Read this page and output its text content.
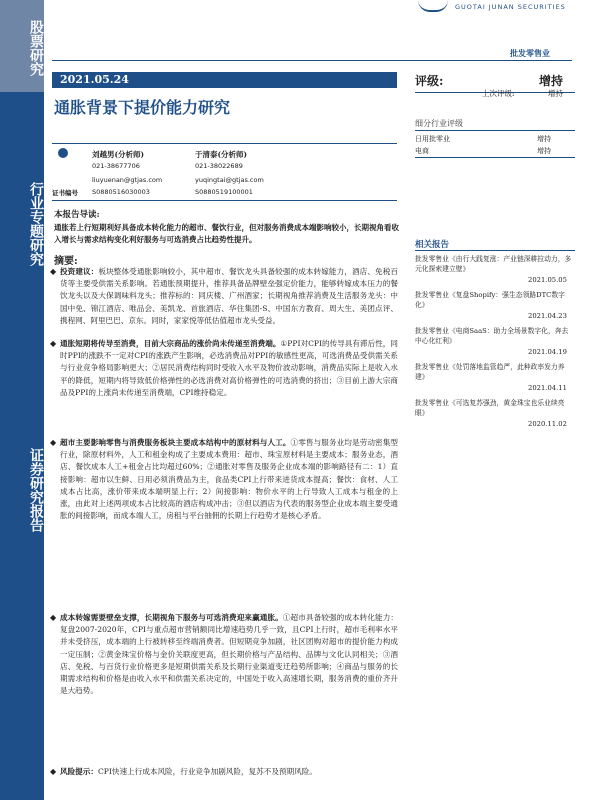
股票研究
行业专题研究
证券研究报告
GUOTAI JUNAN SECURITIES
批发零售业
2021.05.24
通胀背景下提价能力研究
评级:	增持
上次评级:	增持
细分行业评级
日用批零业	增持
电商	增持
刘越男(分析师)
021-38677706
liuyuenan@gtjas.com
S0880516030003
于清泰(分析师)
021-38022689
yuqingtai@gtjas.com
S0880519100001
证书编号
本报告导读:
通胀若上行短期利好具备成本转化能力的超市、餐饮行业，但对服务消费成本端影响较小，长期视角看收入增长与需求结构变化利好服务与可选消费占比趋势性提升。
摘要:
◆ 投资建议：板块整体受通胀影响较小，其中超市、餐饮龙头具备较强的成本转嫁能力，酒店、免税百货等主要受供需关系影响。若通胀预期提升，推荐具备品牌壁垒强定价能力，能够转嫁成本压力的餐饮龙头以及大保调味料龙头；推荐标的：同庆楼、广州酒家；长期视角推荐消费及生活服务龙头：中国中免、锦江酒店、唯品会、美凯龙、首旅酒店、华住集团-S、中国东方教育、周大生、美团点评、携程网、阿里巴巴、京东。同时，家家悦等低估值超市龙头受益。
◆ 通胀短期将传导至消费，目前大宗商品的涨价尚未传递至消费端。①PPI对CPI的传导具有滞后性，同时PPI的涨跌不一定对CPI的涨跌产生影响，必选消费品对PPI的敏感性更高，可选消费品受供需关系与行业竞争格局影响更大；②居民消费结构同时受收入水平及物价波动影响，消费品实际上是收入水平的降低，短期内将导致低价格弹性的必选消费对高价格弹性的可选消费的挤出；③目前上游大宗商品及PPI的上涨尚未传递至消费端，CPI维持稳定。
◆ 超市主要影响零售与消费服务板块主要成本结构中的原材料与人工。①零售与服务业均是劳动密集型行业，除原材料外，人工和租金构成了主要成本费用：超市、珠宝原材料是主要成本；服务业态，酒店、餐饮成本人工+租金占比均超过60%；②通胀对零售及服务企业成本端的影响路径有二：1）直接影响：超市以生鲜、日用必须消费品为主，食品类CPI上行带来进货成本提高；餐饮：食材、人工成本占比高，涨价带来成本端明显上行；2）间接影响：物价水平的上行导致人工成本与租金的上涨，由此对上述两项成本占比较高的酒店构成冲击；③但以酒店为代表的服务型企业成本端主要受通胀的间接影响，而成本端人工，房租与平台抽佣的长期上行趋势才是核心矛盾。
◆ 成本转嫁需要壁垒支撑，长期视角下服务与可选消费迎来赢通胀。①超市具备较强的成本转化能力：复盘2007-2020年，CPI与重点超市营销额同比增速趋势几乎一致，且CPI上行时，超市毛利率水平并未受挤压，成本端的上行被转移至终端消费者。但短期竞争加剧，社区团购对超市的提价能力构成一定压制；②黄金珠宝价格与金价关联度更高，但长期价格与产品结构、品牌与文化认同相关；③酒店、免税、与百货行业价格更多是短期供需关系及长期行业渠道变迁趋势所影响；④商品与服务的长期需求结构和价格是由收入水平和供需关系决定的，中国处于收入高速增长期，服务消费的重价齐升是大趋势。
◆ 风险提示：CPI快速上行成本风险，行业竞争加剧风险，复苏不及预期风险。
相关报告
批发零售业《由行大践复涨：产业链深耕拉动力，多元化探索建立壁》
2021.05.05
批发零售业《复盘Shopify：强生态领路DTC数字化》
2021.04.23
批发零售业《电商SaaS：助力全场景数字化，奔去中心化红利》
2021.04.19
批发零售业《处罚落地监管趋严，此种政率发力养建》
2021.04.11
批发零售业《可选复苏强劲，黄金珠宝也乐业续亮眼》
2020.11.02
